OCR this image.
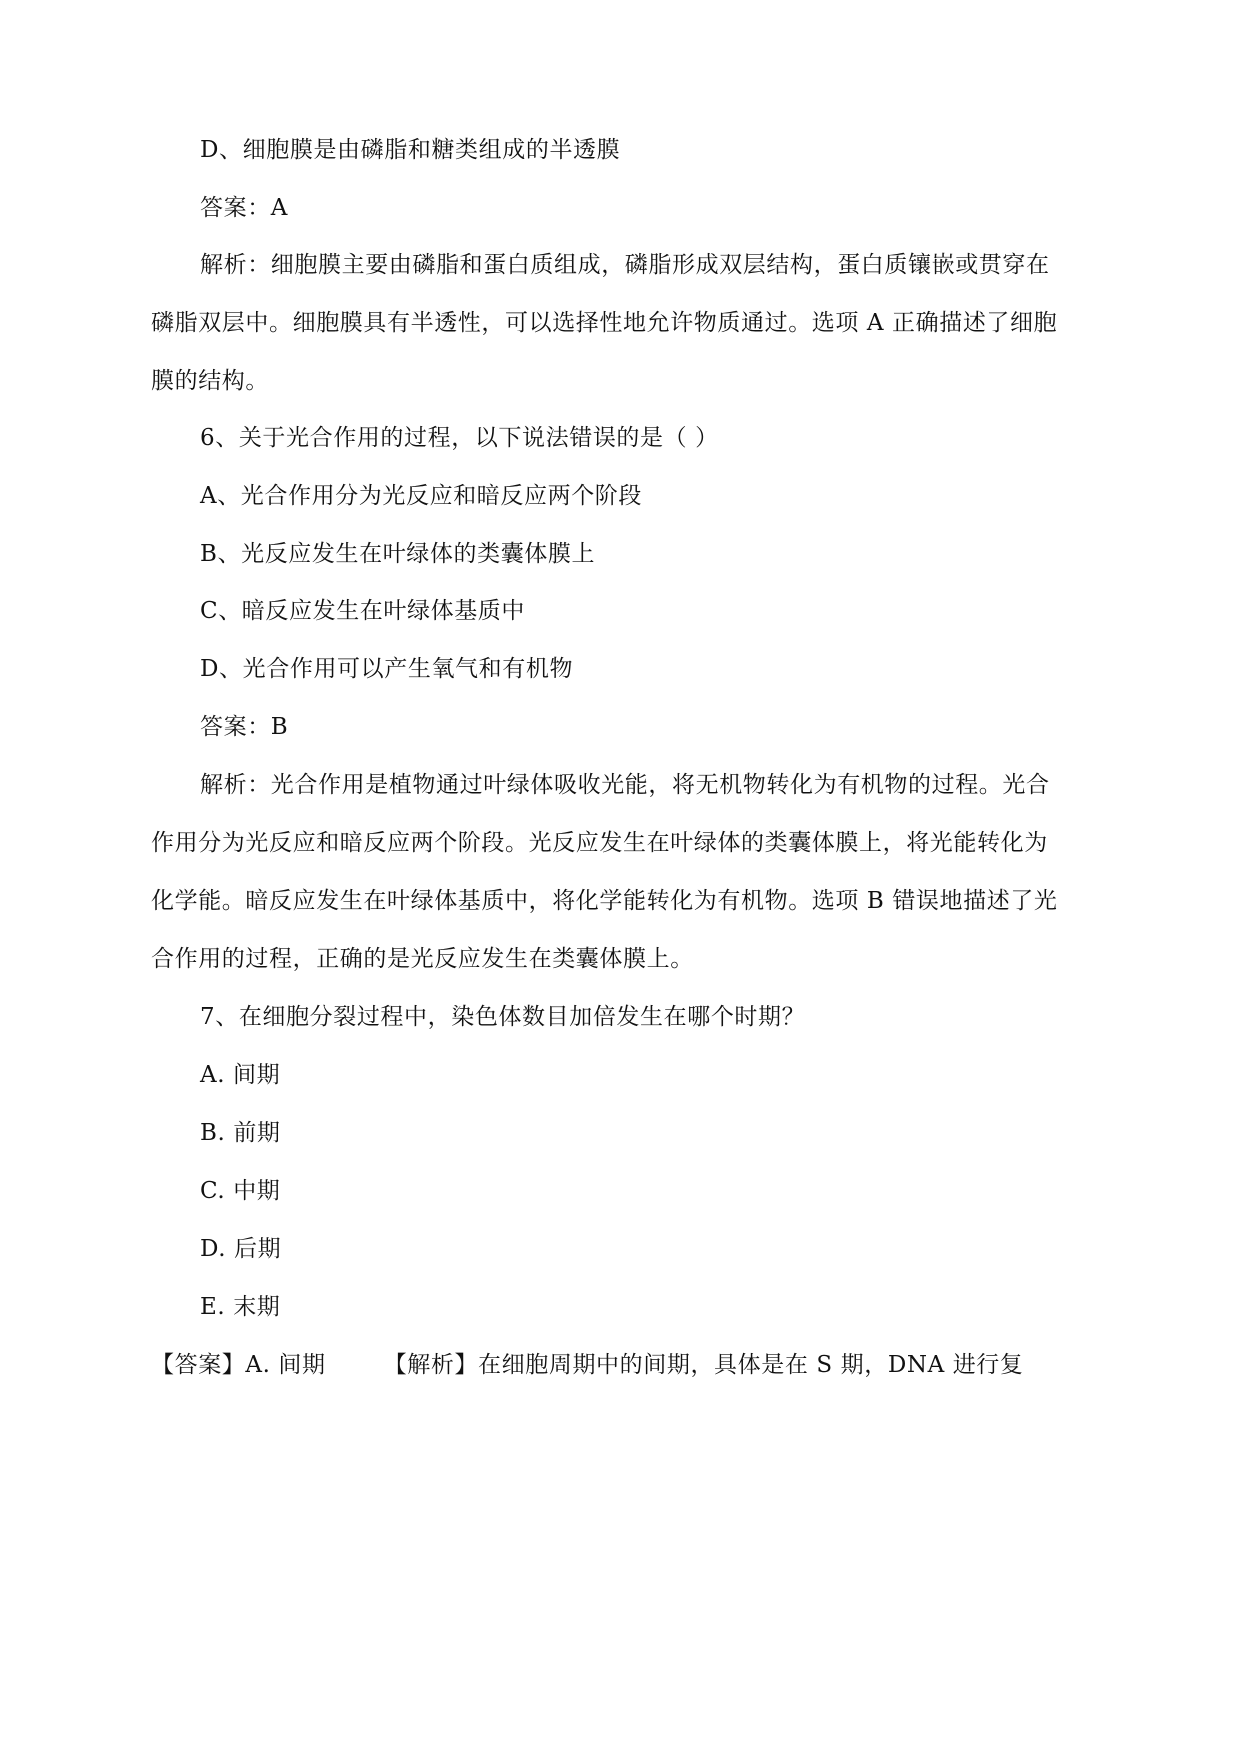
D、细胞膜是由磷脂和糖类组成的半透膜
答案：A
解析：细胞膜主要由磷脂和蛋白质组成，磷脂形成双层结构，蛋白质镶嵌或贯穿在
磷脂双层中。细胞膜具有半透性，可以选择性地允许物质通过。选项 A 正确描述了细胞
膜的结构。
6、关于光合作用的过程，以下说法错误的是（ ）
A、光合作用分为光反应和暗反应两个阶段
B、光反应发生在叶绿体的类囊体膜上
C、暗反应发生在叶绿体基质中
D、光合作用可以产生氧气和有机物
答案：B
解析：光合作用是植物通过叶绿体吸收光能，将无机物转化为有机物的过程。光合
作用分为光反应和暗反应两个阶段。光反应发生在叶绿体的类囊体膜上，将光能转化为
化学能。暗反应发生在叶绿体基质中，将化学能转化为有机物。选项 B 错误地描述了光
合作用的过程，正确的是光反应发生在类囊体膜上。
7、在细胞分裂过程中，染色体数目加倍发生在哪个时期？
A. 间期
B. 前期
C. 中期
D. 后期
E. 末期
【答案】A. 间期	【解析】在细胞周期中的间期，具体是在 S 期，DNA 进行复
